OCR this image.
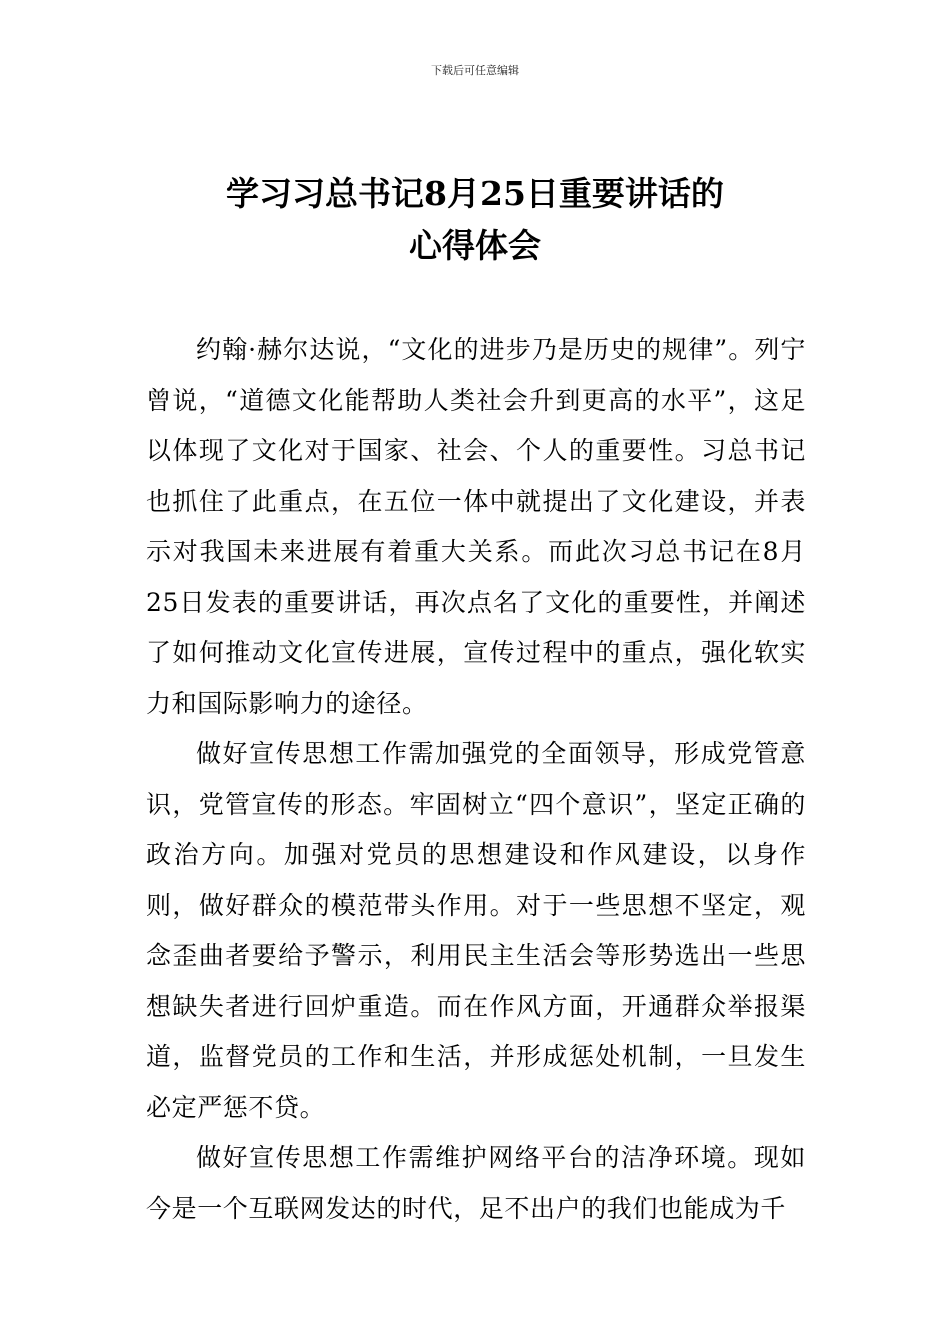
下载后可任意编辑
学习习总书记8月25日重要讲话的
心得体会

约翰·赫尔达说，“文化的进步乃是历史的规律”。列宁曾说，“道德文化能帮助人类社会升到更高的水平”，这足以体现了文化对于国家、社会、个人的重要性。习总书记也抓住了此重点，在五位一体中就提出了文化建设，并表示对我国未来进展有着重大关系。而此次习总书记在8月25日发表的重要讲话，再次点名了文化的重要性，并阐述了如何推动文化宣传进展，宣传过程中的重点，强化软实力和国际影响力的途径。

做好宣传思想工作需加强党的全面领导，形成党管意识，党管宣传的形态。牢固树立“四个意识”，坚定正确的政治方向。加强对党员的思想建设和作风建设，以身作则，做好群众的模范带头作用。对于一些思想不坚定，观念歪曲者要给予警示，利用民主生活会等形势选出一些思想缺失者进行回炉重造。而在作风方面，开通群众举报渠道，监督党员的工作和生活，并形成惩处机制，一旦发生必定严惩不贷。

做好宣传思想工作需维护网络平台的洁净环境。现如今是一个互联网发达的时代，足不出户的我们也能成为千
